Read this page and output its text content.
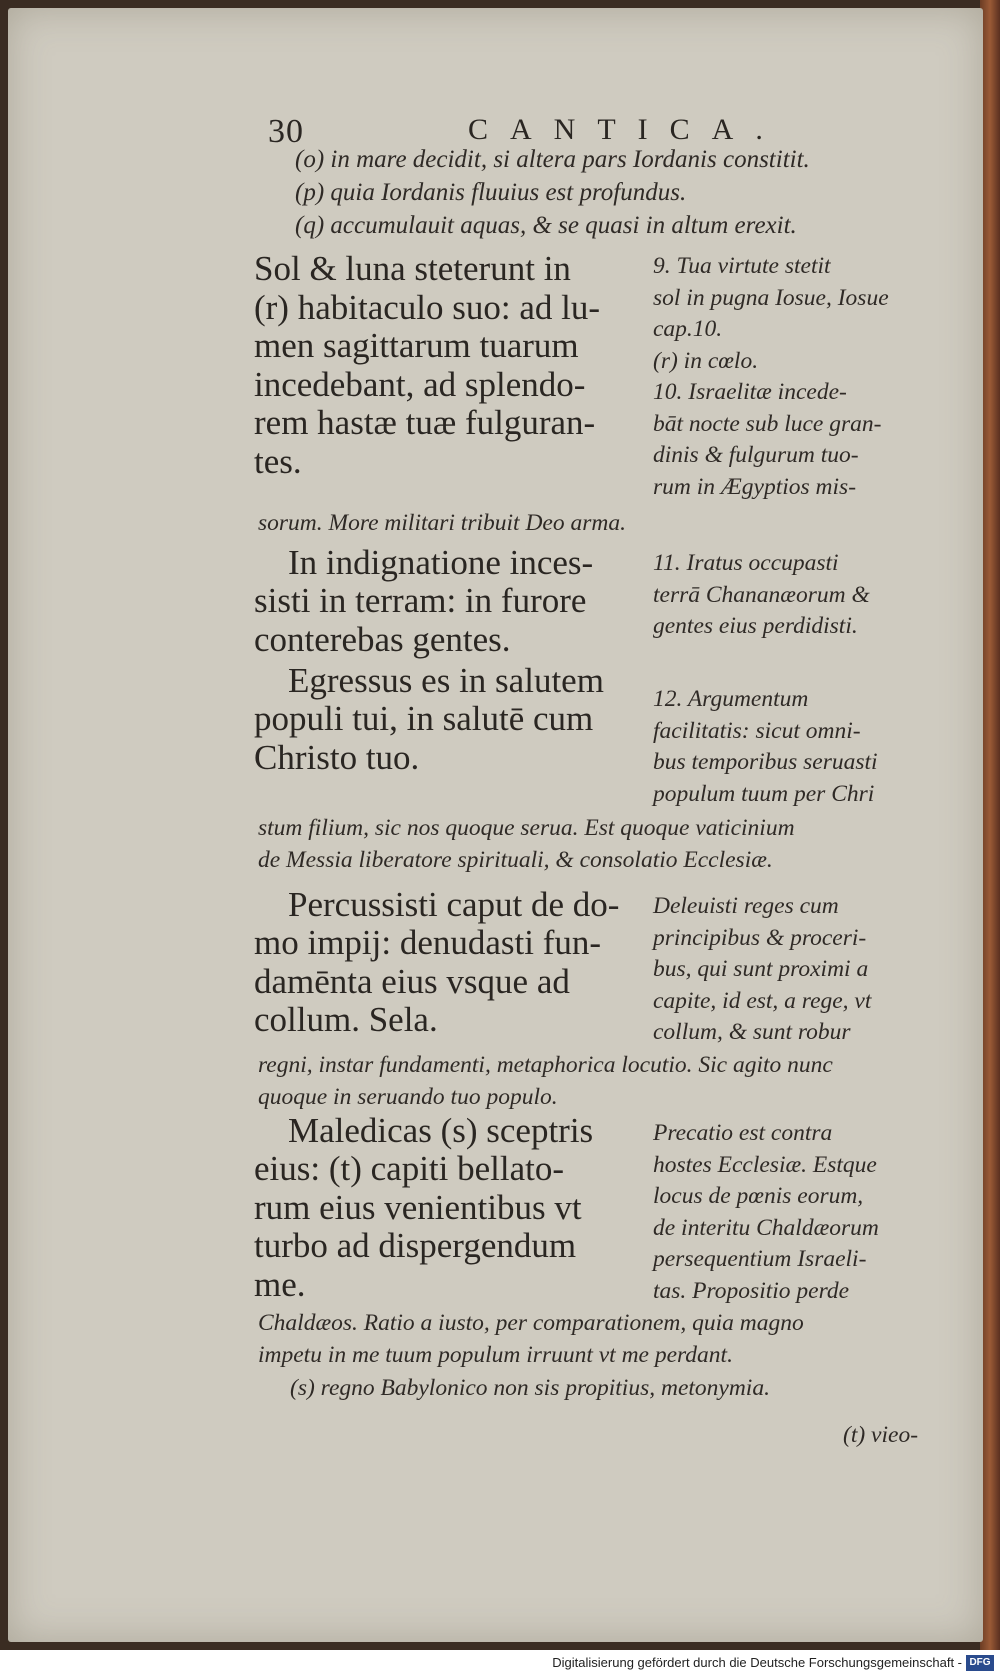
30	CANTICA.
(o) in mare decidit, si altera pars Iordanis constitit.
(p) quia Iordanis fluuius est profundus.
(q) accumulauit aquas, & se quasi in altum erexit.
Sol & luna steterunt in
(r) habitaculo suo: ad lu-
men sagittarum tuarum
incedebant, ad splendo-
rem hastæ tuæ fulguran-
tes.
9. Tua virtute stetit
sol in pugna Iosue, Iosue
cap.10.
(r) in cœlo.
10. Israelitæ incede-
bāt nocte sub luce gran-
dinis & fulgurum tuo-
rum in Ægyptios mis-
sorum. More militari tribuit Deo arma.
In indignatione inces-
sisti in terram: in furore
conterebas gentes.
11. Iratus occupasti
terrā Chananæorum &
gentes eius perdidisti.
Egressus es in salutem
populi tui, in salutē cum
Christo tuo.
12. Argumentum
facilitatis: sicut omni-
bus temporibus seruasti
populum tuum per Chri
stum filium, sic nos quoque serua. Est quoque vaticinium
de Messia liberatore spirituali, & consolatio Ecclesiæ.
Percussisti caput de do-
mo impij: denudasti fun-
damēnta eius vsque ad
collum. Sela.
Deleuisti reges cum
principibus & proceri-
bus, qui sunt proximi a
capite, id est, a rege, vt
collum, & sunt robur
regni, instar fundamenti, metaphorica locutio. Sic agito nunc
quoque in seruando tuo populo.
Maledicas (s) sceptris
eius: (t) capiti bellato-
rum eius venientibus vt
turbo ad dispergendum
me.
Precatio est contra
hostes Ecclesiæ. Estque
locus de pœnis eorum,
de interitu Chaldæorum
persequentium Israeli-
tas. Propositio perde
Chaldæos. Ratio a iusto, per comparationem, quia magno
impetu in me tuum populum irruunt vt me perdant.
(s) regno Babylonico non sis propitius, metonymia.
(t) vieo-
Digitalisierung gefördert durch die Deutsche Forschungsgemeinschaft - DFG
